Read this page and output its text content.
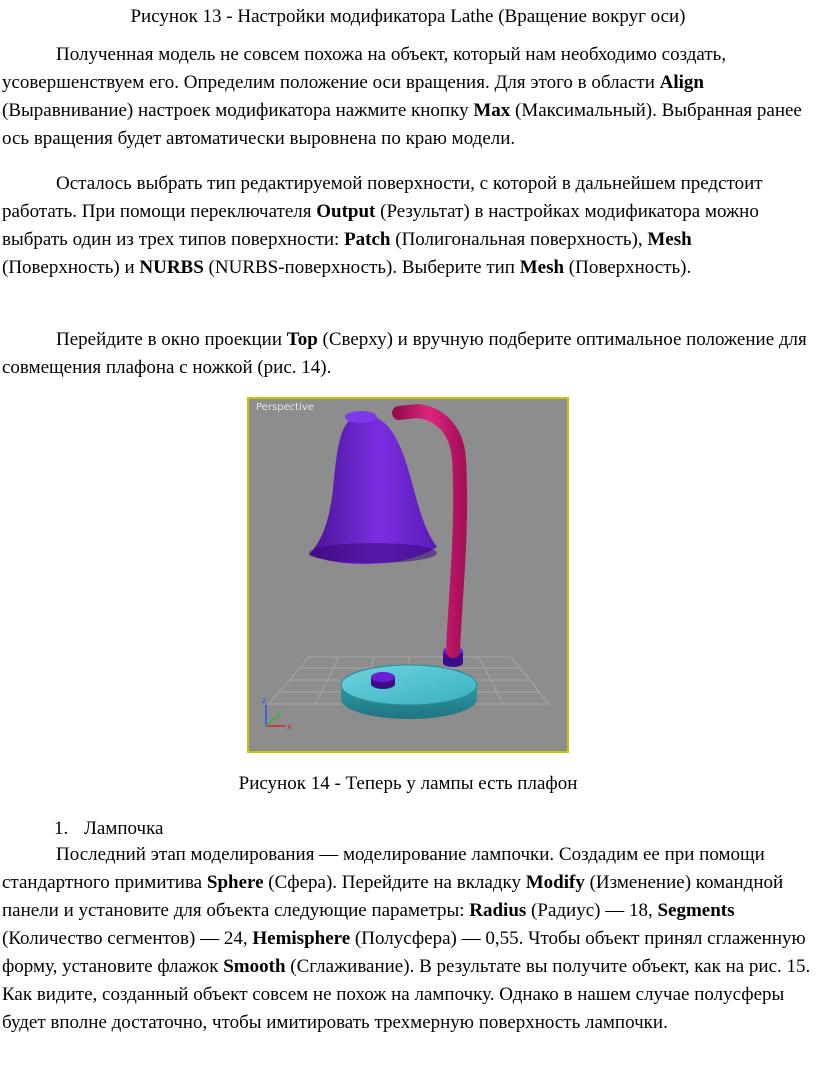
Рисунок 13 - Настройки модификатора Lathe (Вращение вокруг оси)

Полученная модель не совсем похожа на объект, который нам необходимо создать, усовершенствуем его. Определим положение оси вращения. Для этого в области Align (Выравнивание) настроек модификатора нажмите кнопку Max (Максимальный). Выбранная ранее ось вращения будет автоматически выровнена по краю модели.

Осталось выбрать тип редактируемой поверхности, с которой в дальнейшем предстоит работать. При помощи переключателя Output (Результат) в настройках модификатора можно выбрать один из трех типов поверхности: Patch (Полигональная поверхность), Mesh (Поверхность) и NURBS (NURBS-поверхность). Выберите тип Mesh (Поверхность).

Перейдите в окно проекции Top (Сверху) и вручную подберите оптимальное положение для совмещения плафона с ножкой (рис. 14).

z
y
x
Perspective

Рисунок 14 - Теперь у лампы есть плафон

1. Лампочка

Последний этап моделирования — моделирование лампочки. Создадим ее при помощи стандартного примитива Sphere (Сфера). Перейдите на вкладку Modify (Изменение) командной панели и установите для объекта следующие параметры: Radius (Радиус) — 18, Segments (Количество сегментов) — 24, Hemisphere (Полусфера) — 0,55. Чтобы объект принял сглаженную форму, установите флажок Smooth (Сглаживание). В результате вы получите объект, как на рис. 15. Как видите, созданный объект совсем не похож на лампочку. Однако в нашем случае полусферы будет вполне достаточно, чтобы имитировать трехмерную поверхность лампочки.
